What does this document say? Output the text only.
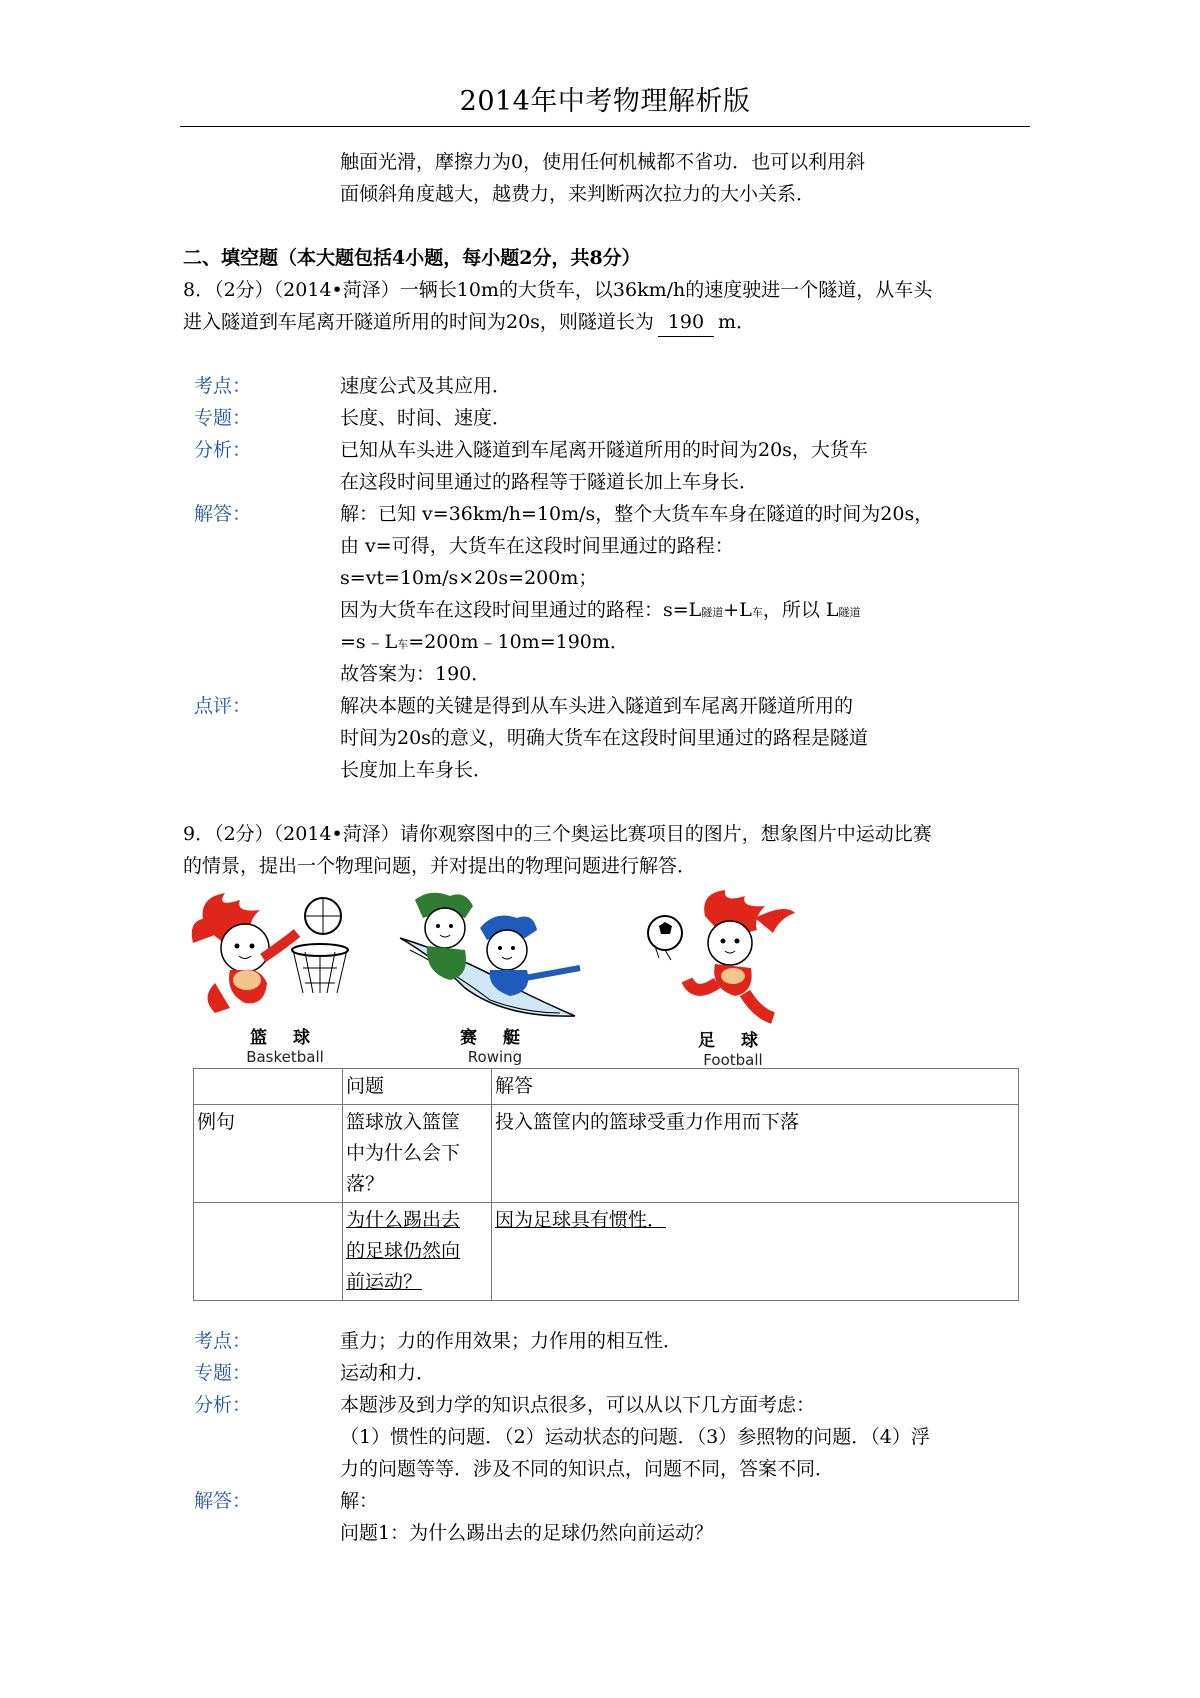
2014年中考物理解析版
触面光滑，摩擦力为0，使用任何机械都不省功．也可以利用斜
面倾斜角度越大，越费力，来判断两次拉力的大小关系．
二、填空题（本大题包括4小题，每小题2分，共8分）
8．（2分）（2014•菏泽）一辆长10m的大货车，以36km/h的速度驶进一个隧道，从车头
进入隧道到车尾离开隧道所用的时间为20s，则隧道长为 190 m．
考点：	速度公式及其应用．
专题：	长度、时间、速度．
分析：	已知从车头进入隧道到车尾离开隧道所用的时间为20s，大货车
在这段时间里通过的路程等于隧道长加上车身长．
解答：	解：已知 v=36km/h=10m/s，整个大货车车身在隧道的时间为20s，
由 v=可得，大货车在这段时间里通过的路程：
s=vt=10m/s×20s=200m；
因为大货车在这段时间里通过的路程：s=L隧道+L车，所以 L隧道
=s﹣L车=200m﹣10m=190m．
故答案为：190．
点评：	解决本题的关键是得到从车头进入隧道到车尾离开隧道所用的
时间为20s的意义，明确大货车在这段时间里通过的路程是隧道
长度加上车身长．
9．（2分）（2014•菏泽）请你观察图中的三个奥运比赛项目的图片，想象图片中运动比赛
的情景，提出一个物理问题，并对提出的物理问题进行解答．
篮 球
Basketball
赛 艇
Rowing
足 球
Football
	问题	解答
例句	篮球放入篮筐
中为什么会下
落？	投入篮筐内的篮球受重力作用而下落

	为什么踢出去
的足球仍然向
前运动？	因为足球具有惯性．
考点：	重力；力的作用效果；力作用的相互性．
专题：	运动和力．
分析：	本题涉及到力学的知识点很多，可以从以下几方面考虑：
（1）惯性的问题．（2）运动状态的问题．（3）参照物的问题．（4）浮
力的问题等等．涉及不同的知识点，问题不同，答案不同．
解答：	解：
问题1：为什么踢出去的足球仍然向前运动？
